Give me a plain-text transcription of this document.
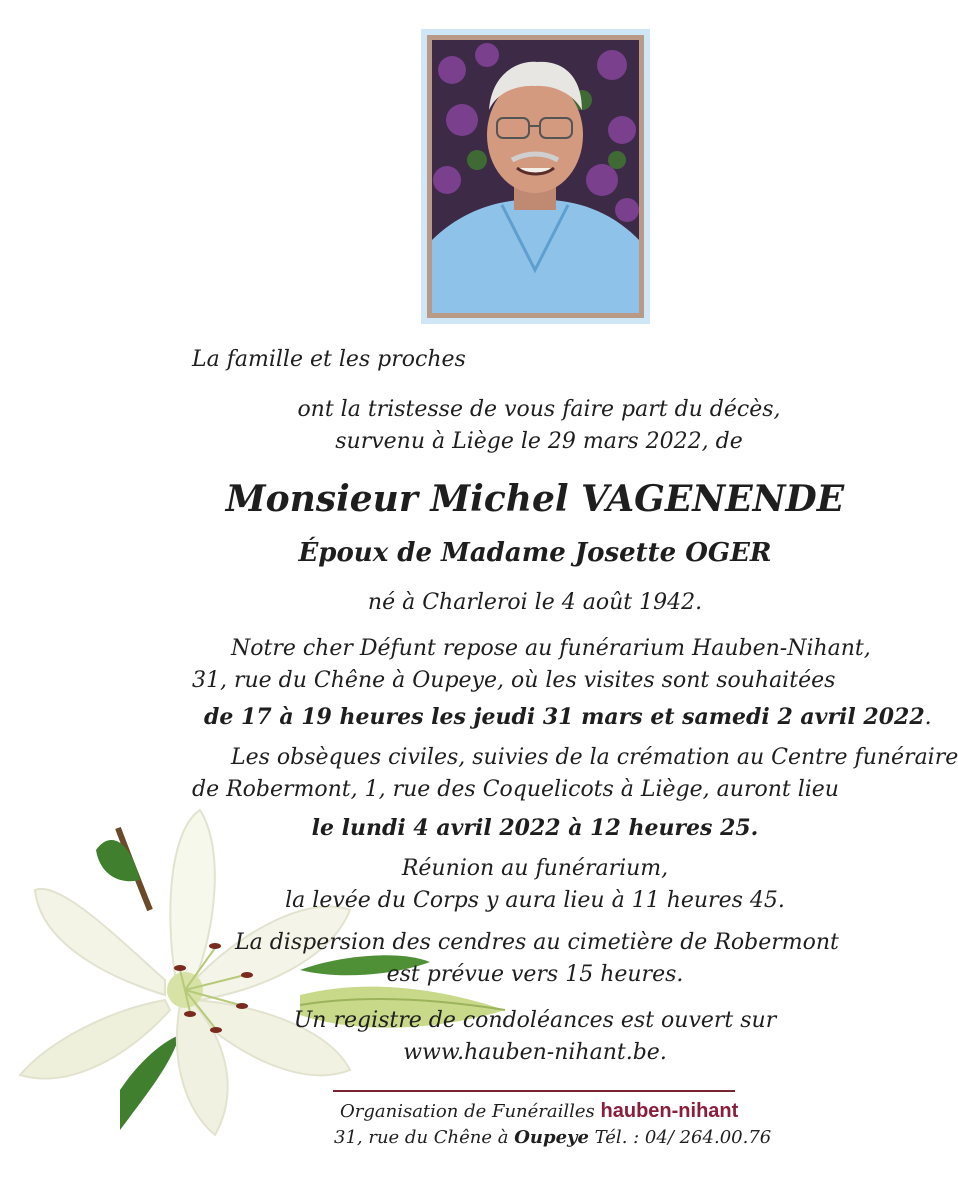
La famille et les proches
ont la tristesse de vous faire part du décès,
survenu à Liège le 29 mars 2022, de
Monsieur Michel VAGENENDE
Époux de Madame Josette OGER
né à Charleroi le 4 août 1942.
Notre cher Défunt repose au funérarium Hauben-Nihant,
31, rue du Chêne à Oupeye, où les visites sont souhaitées
de 17 à 19 heures les jeudi 31 mars et samedi 2 avril 2022.
Les obsèques civiles, suivies de la crémation au Centre funéraire
de Robermont, 1, rue des Coquelicots à Liège, auront lieu
le lundi 4 avril 2022 à 12 heures 25.
Réunion au funérarium,
la levée du Corps y aura lieu à 11 heures 45.
La dispersion des cendres au cimetière de Robermont
est prévue vers 15 heures.
Un registre de condoléances est ouvert sur
www.hauben-nihant.be.
Organisation de Funérailles hauben-nihant
31, rue du Chêne à Oupeye Tél. : 04/ 264.00.76
